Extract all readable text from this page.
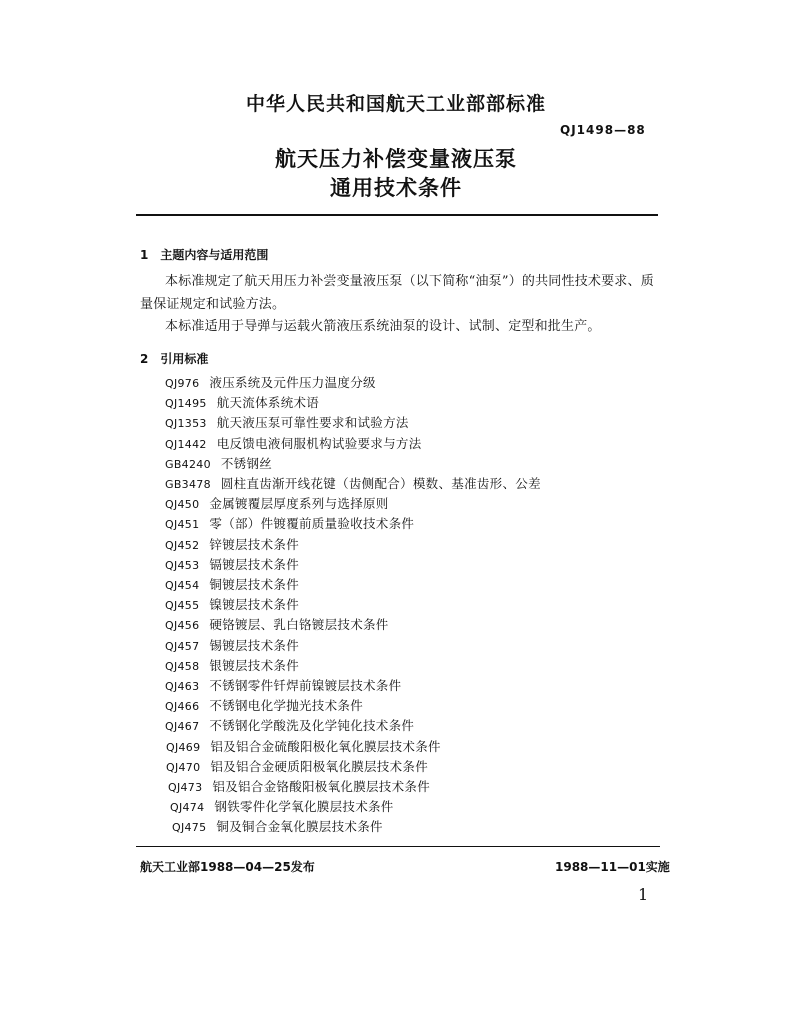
中华人民共和国航天工业部部标准
QJ1498—88
航天压力补偿变量液压泵
通用技术条件
1　主题内容与适用范围
本标准规定了航天用压力补尝变量液压泵（以下简称“油泵”）的共同性技术要求、质
量保证规定和试验方法。
本标准适用于导弹与运载火箭液压系统油泵的设计、试制、定型和批生产。
2　引用标准
QJ976 液压系统及元件压力温度分级
QJ1495 航天流体系统术语
QJ1353 航天液压泵可靠性要求和试验方法
QJ1442 电反馈电液伺服机构试验要求与方法
GB4240 不锈钢丝
GB3478 圆柱直齿渐开线花键（齿侧配合）模数、基准齿形、公差
QJ450 金属镀覆层厚度系列与选择原则
QJ451 零（部）件镀覆前质量验收技术条件
QJ452 锌镀层技术条件
QJ453 镉镀层技术条件
QJ454 铜镀层技术条件
QJ455 镍镀层技术条件
QJ456 硬铬镀层、乳白铬镀层技术条件
QJ457 锡镀层技术条件
QJ458 银镀层技术条件
QJ463 不锈钢零件钎焊前镍镀层技术条件
QJ466 不锈钢电化学抛光技术条件
QJ467 不锈钢化学酸洗及化学钝化技术条件
QJ469 铝及铝合金硫酸阳极化氧化膜层技术条件
QJ470 铝及铝合金硬质阳极氧化膜层技术条件
QJ473 铝及铝合金铬酸阳极氧化膜层技术条件
QJ474 钢铁零件化学氧化膜层技术条件
QJ475 铜及铜合金氧化膜层技术条件
航天工业部1988—04—25发布	1988—11—01实施
1
